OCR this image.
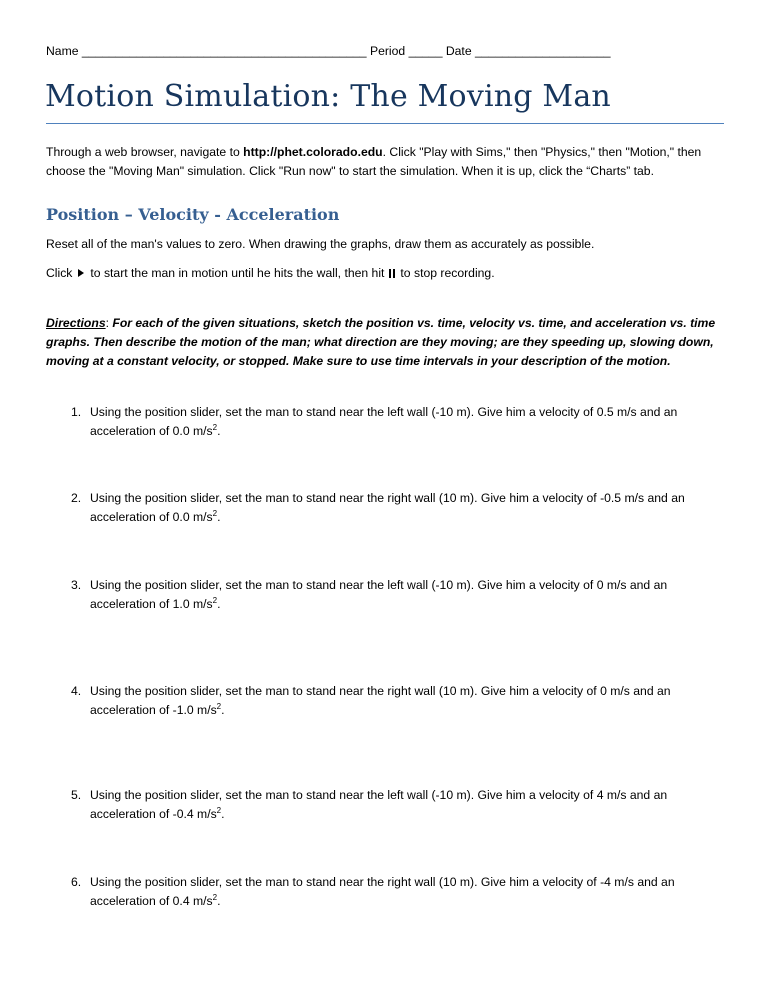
Name __________________________________________ Period _____ Date ____________________
Motion Simulation: The Moving Man

Through a web browser, navigate to http://phet.colorado.edu. Click "Play with Sims," then "Physics," then "Motion," then choose the "Moving Man" simulation. Click "Run now" to start the simulation. When it is up, click the “Charts” tab.

Position – Velocity - Acceleration

Reset all of the man's values to zero. When drawing the graphs, draw them as accurately as possible.

Click to start the man in motion until he hits the wall, then hit to stop recording.

Directions: For each of the given situations, sketch the position vs. time, velocity vs. time, and acceleration vs. time graphs. Then describe the motion of the man; what direction are they moving; are they speeding up, slowing down, moving at a constant velocity, or stopped. Make sure to use time intervals in your description of the motion.

1. Using the position slider, set the man to stand near the left wall (-10 m). Give him a velocity of 0.5 m/s and an acceleration of 0.0 $m/s^2$.

2. Using the position slider, set the man to stand near the right wall (10 m). Give him a velocity of -0.5 m/s and an acceleration of 0.0 $m/s^2$.

3. Using the position slider, set the man to stand near the left wall (-10 m). Give him a velocity of 0 m/s and an acceleration of 1.0 $m/s^2$.

4. Using the position slider, set the man to stand near the right wall (10 m). Give him a velocity of 0 m/s and an acceleration of -1.0 $m/s^2$.

5. Using the position slider, set the man to stand near the left wall (-10 m). Give him a velocity of 4 m/s and an acceleration of -0.4 $m/s^2$.

6. Using the position slider, set the man to stand near the right wall (10 m). Give him a velocity of -4 m/s and an acceleration of 0.4 $m/s^2$.
